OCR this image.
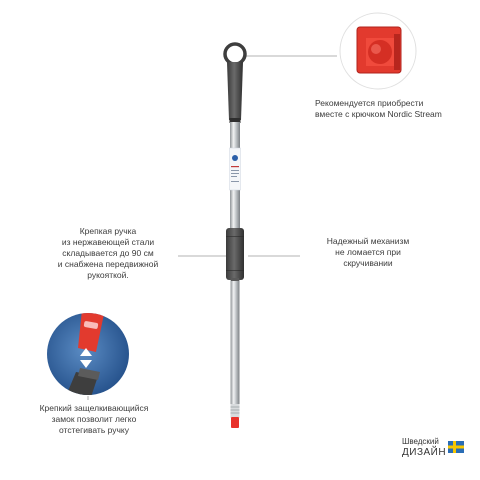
Рекомендуется приобрести
вместе с крючком Nordic Stream
Крепкая ручка
из нержавеющей стали
складывается до 90 см
и снабжена передвижной
рукояткой.
Надежный механизм
не ломается при
скручивании
Крепкий защелкивающийся
замок позволит легко
отстегивать ручку
Шведский
ДИЗАЙН
